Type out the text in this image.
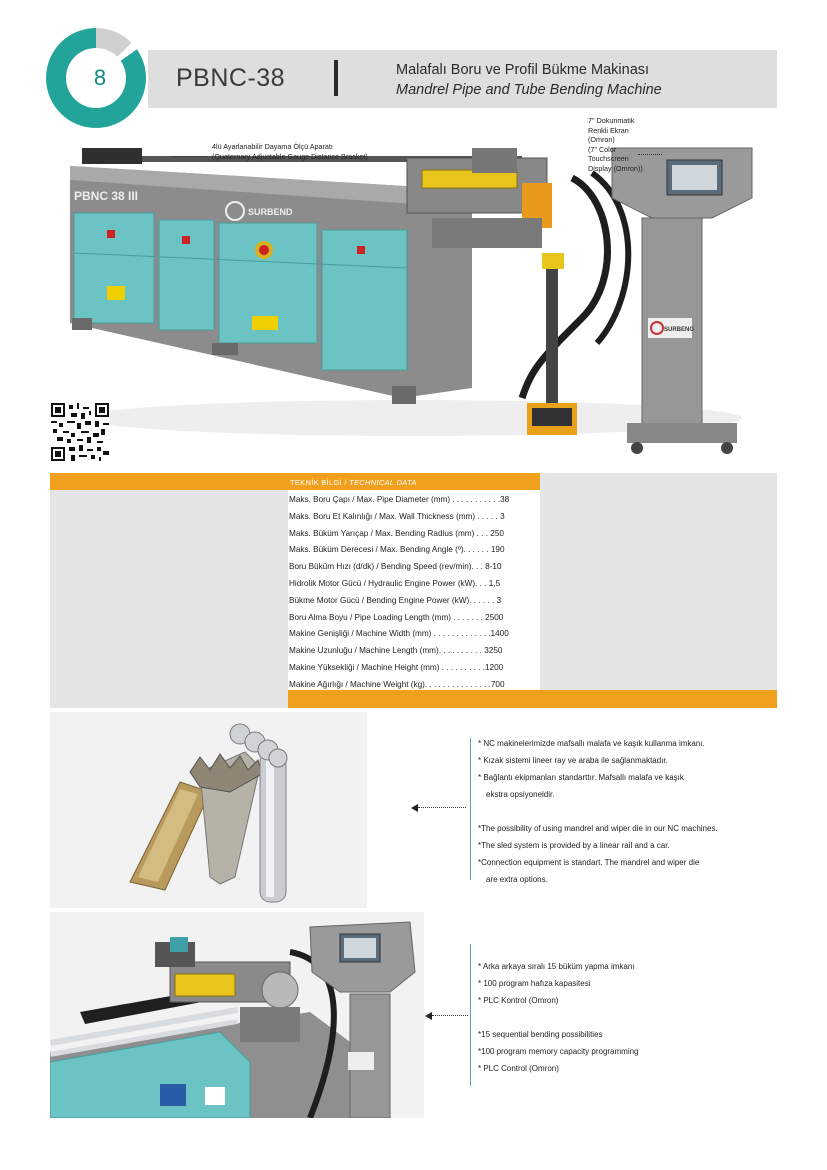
8	PBNC-38	Malafalı Boru ve Profil Bükme Makinası
Mandrel Pipe and Tube Bending Machine
PBNC 38 III
SURBEND
SURBENG
4lü Ayarlanabilir Dayama Ölçü Aparatı
(Quaternary Adjustable Gauge Distance Bracket)
7" Dokunmatik
Renkli Ekran
(Omron)
(7" Color
Touchscreen
Display (Omron))
TEKNİK BİLGİ / TECHNICAL DATA
Maks. Boru Çapı / Max. Pipe Diameter (mm) . . . . . . . . . . .38
Maks. Boru Et Kalınlığı / Max. Wall Thickness (mm) . . . . . 3
Maks. Büküm Yarıçap / Max. Bending Radius (mm) . . . 250
Maks. Büküm Derecesi / Max. Bending Angle (º). . . . . . 190
Boru Büküm Hızı (d/dk) / Bending Speed (rev/min). . . 8-10
Hidrolik Motor Gücü / Hydraulic Engine Power (kW). . . 1,5
Bükme Motor Gücü / Bending Engine Power (kW). . . . . . 3
Boru Alma Boyu / Pipe Loading Length (mm) . . . . . . . 2500
Makine Genişliği / Machine Width (mm) . . . . . . . . . . . . .1400
Makine Uzunluğu / Machine Length (mm). . . . . . . . . . 3250
Makine Yüksekliği / Machine Height (mm) . . . . . . . . . .1200
Makine Ağırlığı / Machine Weight (kg). . . . . . . . . . . . . . .700
* NC makinelerimizde mafsallı malafa ve kaşık kullanma imkanı.
* Kızak sistemi lineer ray ve araba ile sağlanmaktadır.
* Bağlantı ekipmanları standarttır. Mafsallı malafa ve kaşık
ekstra opsiyoneldir.
*The possibility of using mandrel and wiper die in our NC machines.
*The sled system is provided by a linear rail and a car.
*Connection equipment is standart. The mandrel and wiper die
are extra options.
* Arka arkaya sıralı 15 büküm yapma imkanı
* 100 program hafıza kapasitesi
* PLC Kontrol (Omron)
*15 sequential bending possibilities
*100 program memory capacity programming
* PLC Control (Omron)
